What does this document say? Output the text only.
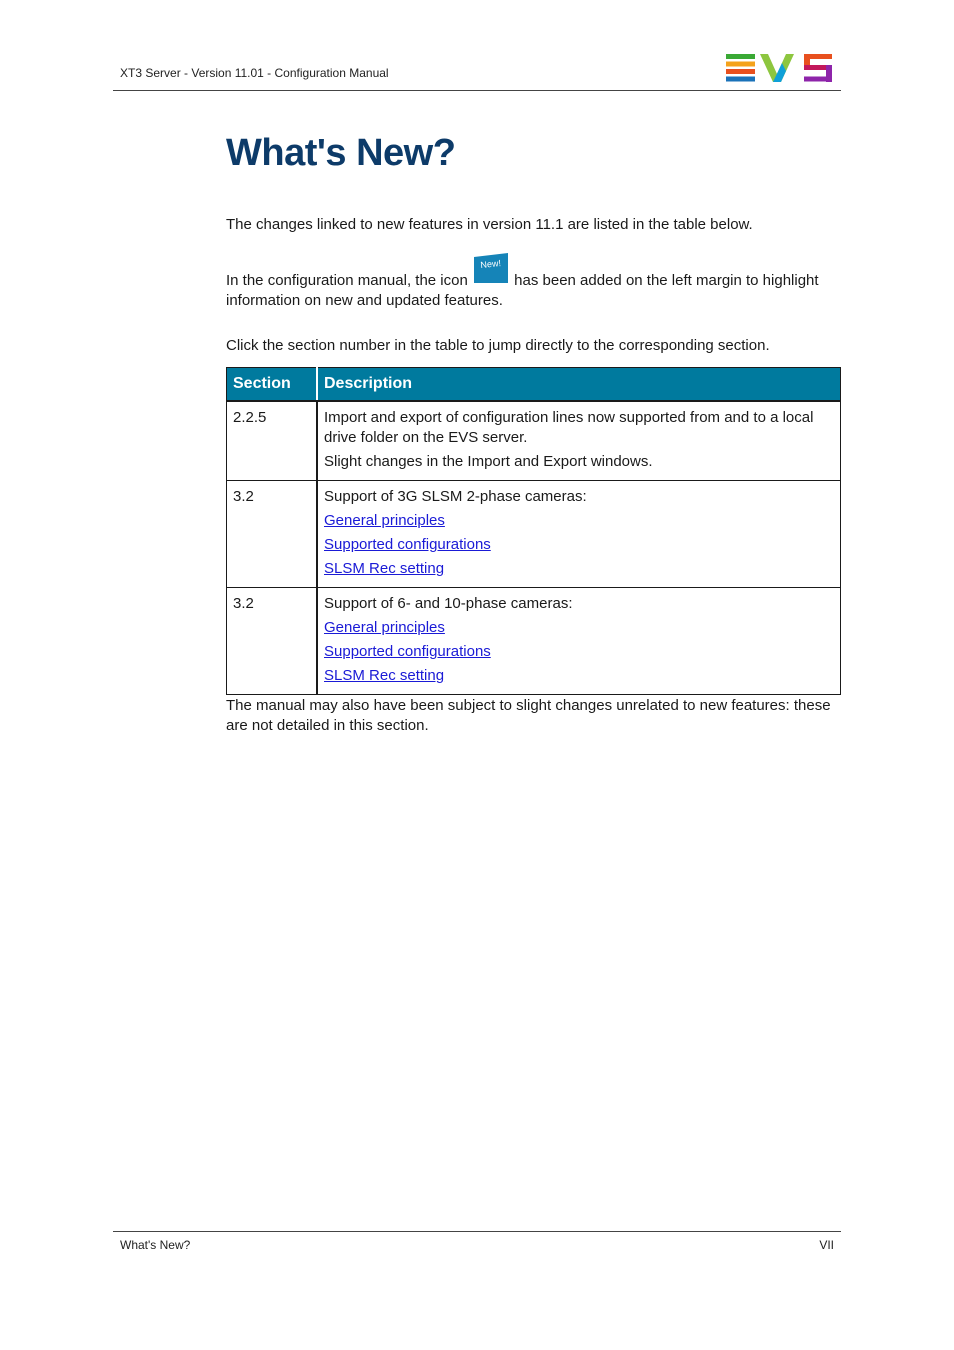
XT3 Server - Version 11.01 - Configuration Manual
What's New?

The changes linked to new features in version 11.1 are listed in the table below.

In the configuration manual, the icon
New!
has been added on the left margin to highlight information on new and updated features.

Click the section number in the table to jump directly to the corresponding section.

Section	Description
2.2.5	Import and export of configuration lines now supported from and to a local drive folder on the EVS server.
Slight changes in the Import and Export windows.

3.2	Support of 3G SLSM 2-phase cameras:
General principles
Supported configurations
SLSM Rec setting

3.2	Support of 6- and 10-phase cameras:
General principles
Supported configurations
SLSM Rec setting

The manual may also have been subject to slight changes unrelated to new features: these are not detailed in this section.

What's New?	VII
